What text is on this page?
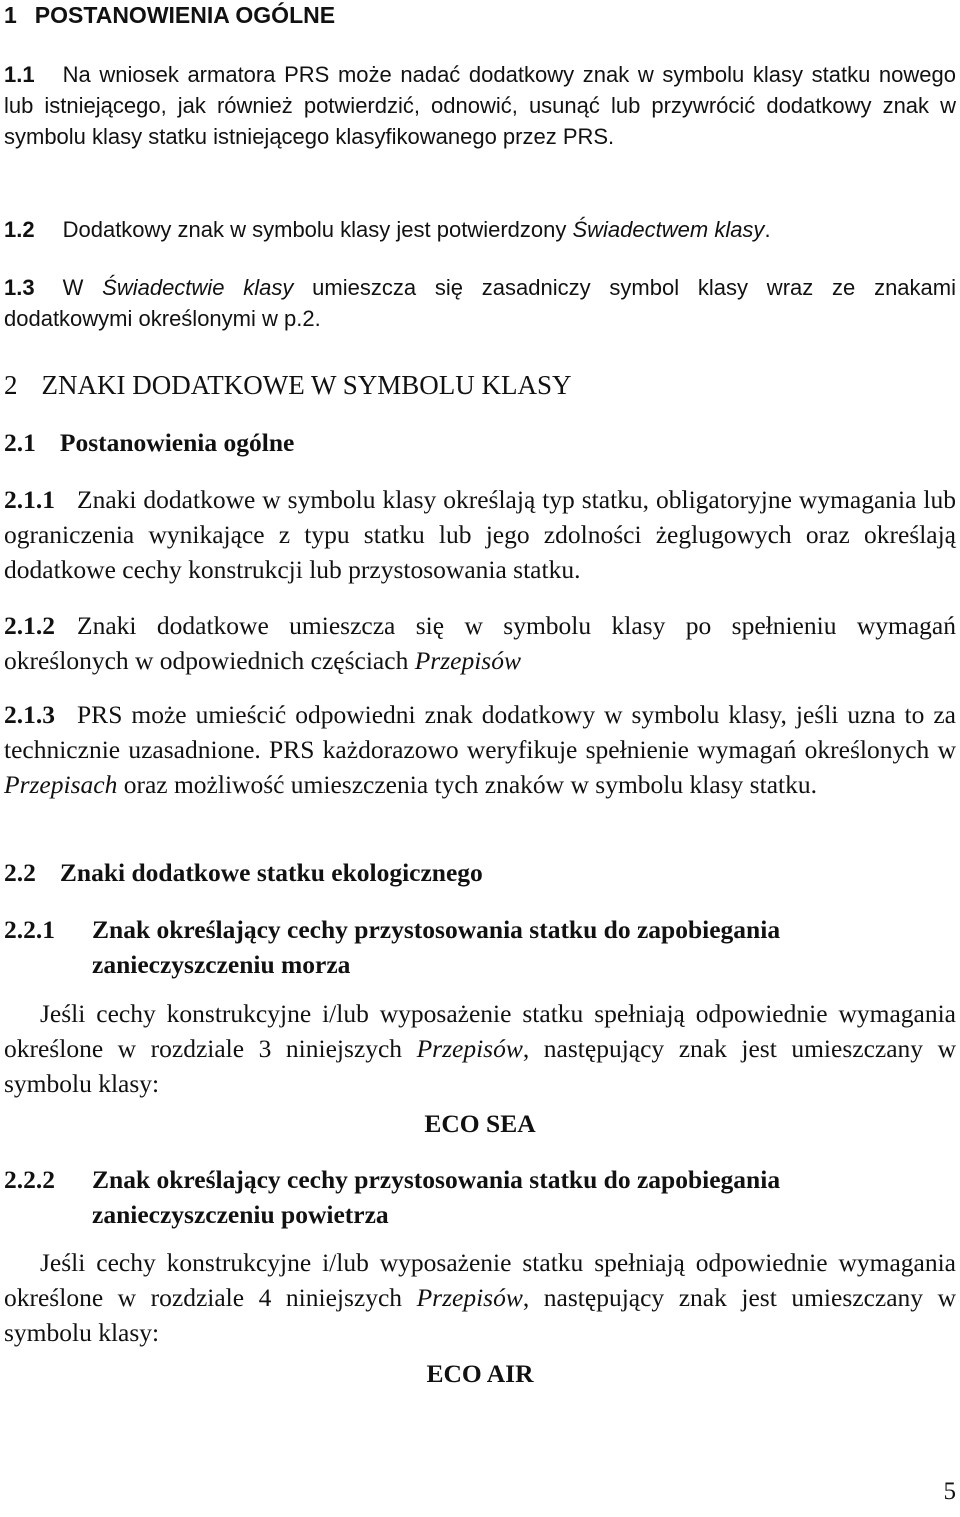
1 POSTANOWIENIA OGÓLNE

1.1 Na wniosek armatora PRS może nadać dodatkowy znak w symbolu klasy statku nowego lub istniejącego, jak również potwierdzić, odnowić, usunąć lub przywrócić dodatkowy znak w symbolu klasy statku istniejącego klasyfikowanego przez PRS.

1.2 Dodatkowy znak w symbolu klasy jest potwierdzony Świadectwem klasy.

1.3 W Świadectwie klasy umieszcza się zasadniczy symbol klasy wraz ze znakami dodatkowymi określonymi w p.2.

2 ZNAKI DODATKOWE W SYMBOLU KLASY
2.1 Postanowienia ogólne

2.1.1 Znaki dodatkowe w symbolu klasy określają typ statku, obligatoryjne wymagania lub ograniczenia wynikające z typu statku lub jego zdolności żeglugowych oraz określają dodatkowe cechy konstrukcji lub przystosowania statku.

2.1.2 Znaki dodatkowe umieszcza się w symbolu klasy po spełnieniu wymagań określonych w odpowiednich częściach Przepisów

2.1.3 PRS może umieścić odpowiedni znak dodatkowy w symbolu klasy, jeśli uzna to za technicznie uzasadnione. PRS każdorazowo weryfikuje spełnienie wymagań określonych w Przepisach oraz możliwość umieszczenia tych znaków w symbolu klasy statku.

2.2 Znaki dodatkowe statku ekologicznego
2.2.1	Znak określający cechy przystosowania statku do zapobiegania zanieczyszczeniu morza

Jeśli cechy konstrukcyjne i/lub wyposażenie statku spełniają odpowiednie wymagania określone w rozdziale 3 niniejszych Przepisów, następujący znak jest umieszczany w symbolu klasy:

ECO SEA
2.2.2	Znak określający cechy przystosowania statku do zapobiegania zanieczyszczeniu powietrza

Jeśli cechy konstrukcyjne i/lub wyposażenie statku spełniają odpowiednie wymagania określone w rozdziale 4 niniejszych Przepisów, następujący znak jest umieszczany w symbolu klasy:

ECO AIR
5
